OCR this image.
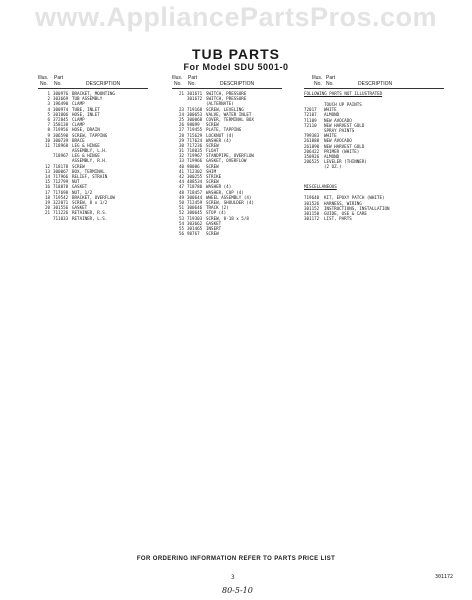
www.AppliancePartsPros.com
TUB PARTS
For Model SDU 5001-0
Illus. Part
No. No.	DESCRIPTION
1 300976 BRACKET, MOUNTING
2 303669 TUB ASSEMBLY
3 196490 CLAMP
4 300974 TUBE, INLET
5 301006 HOSE, INLET
6 372845 CLAMP
7 358138 CLAMP
8 719956 HOSE, DRAIN
9 306590 SCREW, TAPPING
10 300739 BRACE
11 718968 LEG & HINGE
ASSEMBLY, L.H.
718967 LEG & HINGE
ASSEMBLY, R.H.
12 718178 SCREW
13 300067 BOX, TERMINAL
14 717966 RELIEF, STRAIN
15 712799 NUT
16 718878 GASKET
17 717698 NUT, 1/2
18 719542 BRACKET, OVERFLOW
19 322071 SCREW, 8 x 1/2
20 301556 GASKET
21 711226 RETAINER, R.S.
711033 RETAINER, L.S.
Illus. Part
No. No.	DESCRIPTION
21 301671 SWITCH, PRESSURE
301672 SWITCH, PRESSURE
(ALTERNATE)
23 719168 SCREW, LEVELING
24 300653 VALVE, WATER INLET
25 300068 COVER, TERMINAL BOX
26 98099 SCREW
27 719455 PLATE, TAPPING
28 715629 LOCKNUT (4)
29 717624 WASHER (4)
30 717236 SCREW
31 718035 FLOAT
32 719967 STANDPIPE, OVERFLOW
33 719966 GASKET, OVERFLOW
40 98086 SCREW
41 712302 SHIM
42 300255 STRIKE
44 488534 SCREW
47 718780 WASHER (4)
48 718457 WASHER, CUP (4)
49 300644 WHEEL ASSEMBLY (4)
50 712459 SCREW, SHOULDER (4)
51 300646 TRACK (2)
52 300645 STOP (4)
53 719303 SCREW, 8-18 x 5/8
54 303662 GASKET
55 301465 INSERT
56 98767 SCREW
Illus. Part
No. No.	DESCRIPTION
FOLLOWING PARTS NOT ILLUSTRATED
TOUCH UP PAINTS
72017 WHITE
72107 ALMOND
71109 NEW AVOCADO
72110 NEW HARVEST GOLD
SPRAY PAINTS
799383 WHITE
261888 NEW AVOCADO
261890 NEW HARVEST GOLD
206422 PRIMER (WHITE)
350926 ALMOND
206525 LEVELER (THINNER)
(2 OZ.)
MISCELLANEOUS
719640 KIT, EPOXY PATCH (WHITE)
301526 HARNESS, WIRING
301152 INSTRUCTIONS, INSTALLATION
301150 GUIDE, USE & CARE
301172 LIST, PARTS
FOR ORDERING INFORMATION REFER TO PARTS PRICE LIST
3	301172
80-5-10
